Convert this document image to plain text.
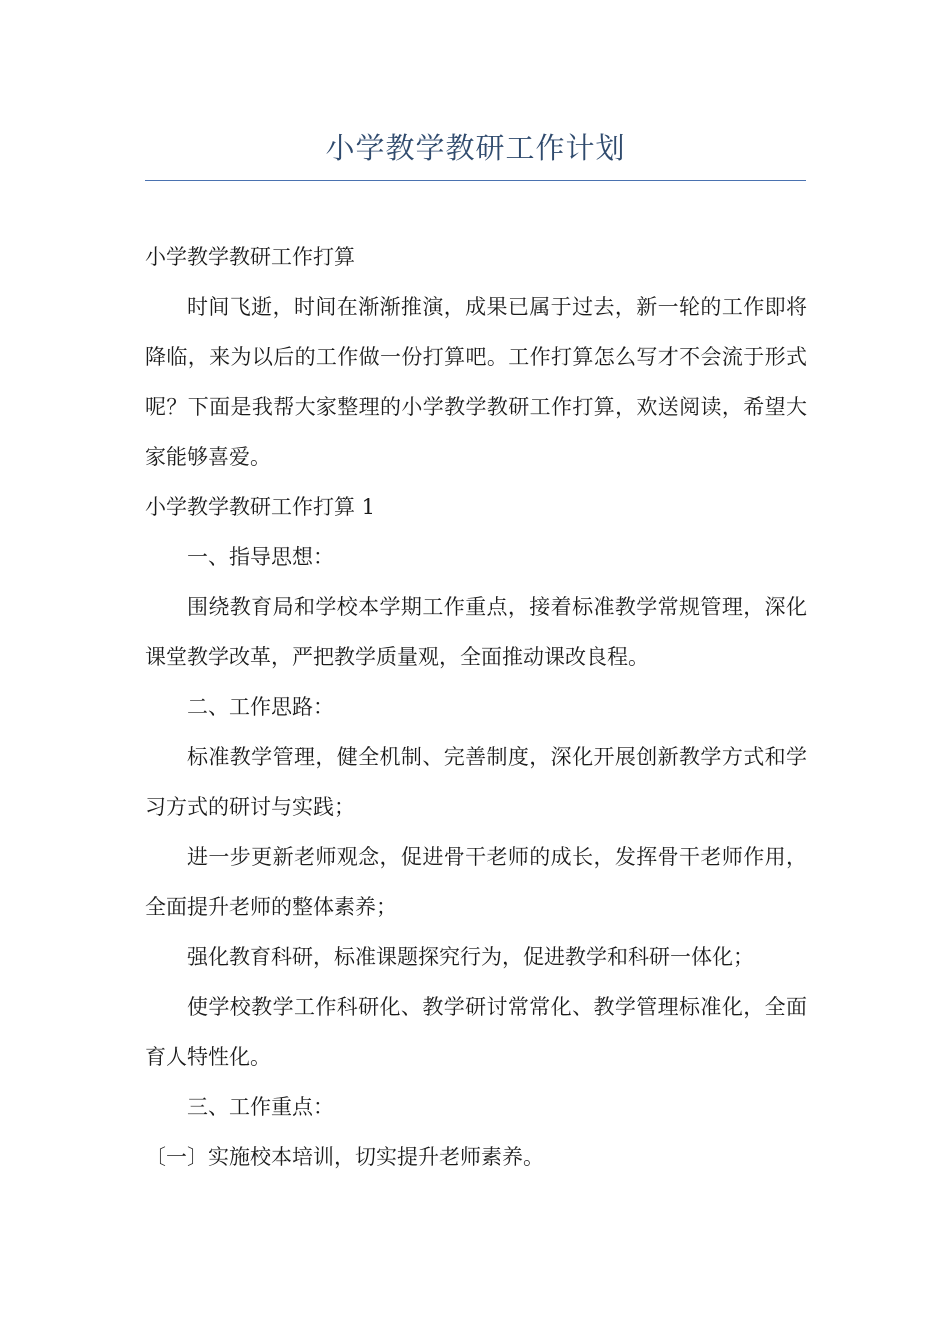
小学教学教研工作计划

小学教学教研工作打算

时间飞逝，时间在渐渐推演，成果已属于过去，新一轮的工作即将降临，来为以后的工作做一份打算吧。工作打算怎么写才不会流于形式呢？下面是我帮大家整理的小学教学教研工作打算，欢送阅读，希望大家能够喜爱。

小学教学教研工作打算 1

一、指导思想：

围绕教育局和学校本学期工作重点，接着标准教学常规管理，深化课堂教学改革，严把教学质量观，全面推动课改良程。

二、工作思路：

标准教学管理，健全机制、完善制度，深化开展创新教学方式和学习方式的研讨与实践；

进一步更新老师观念，促进骨干老师的成长，发挥骨干老师作用，全面提升老师的整体素养；

强化教育科研，标准课题探究行为，促进教学和科研一体化；

使学校教学工作科研化、教学研讨常常化、教学管理标准化，全面育人特性化。

三、工作重点：

〔一〕实施校本培训，切实提升老师素养。
